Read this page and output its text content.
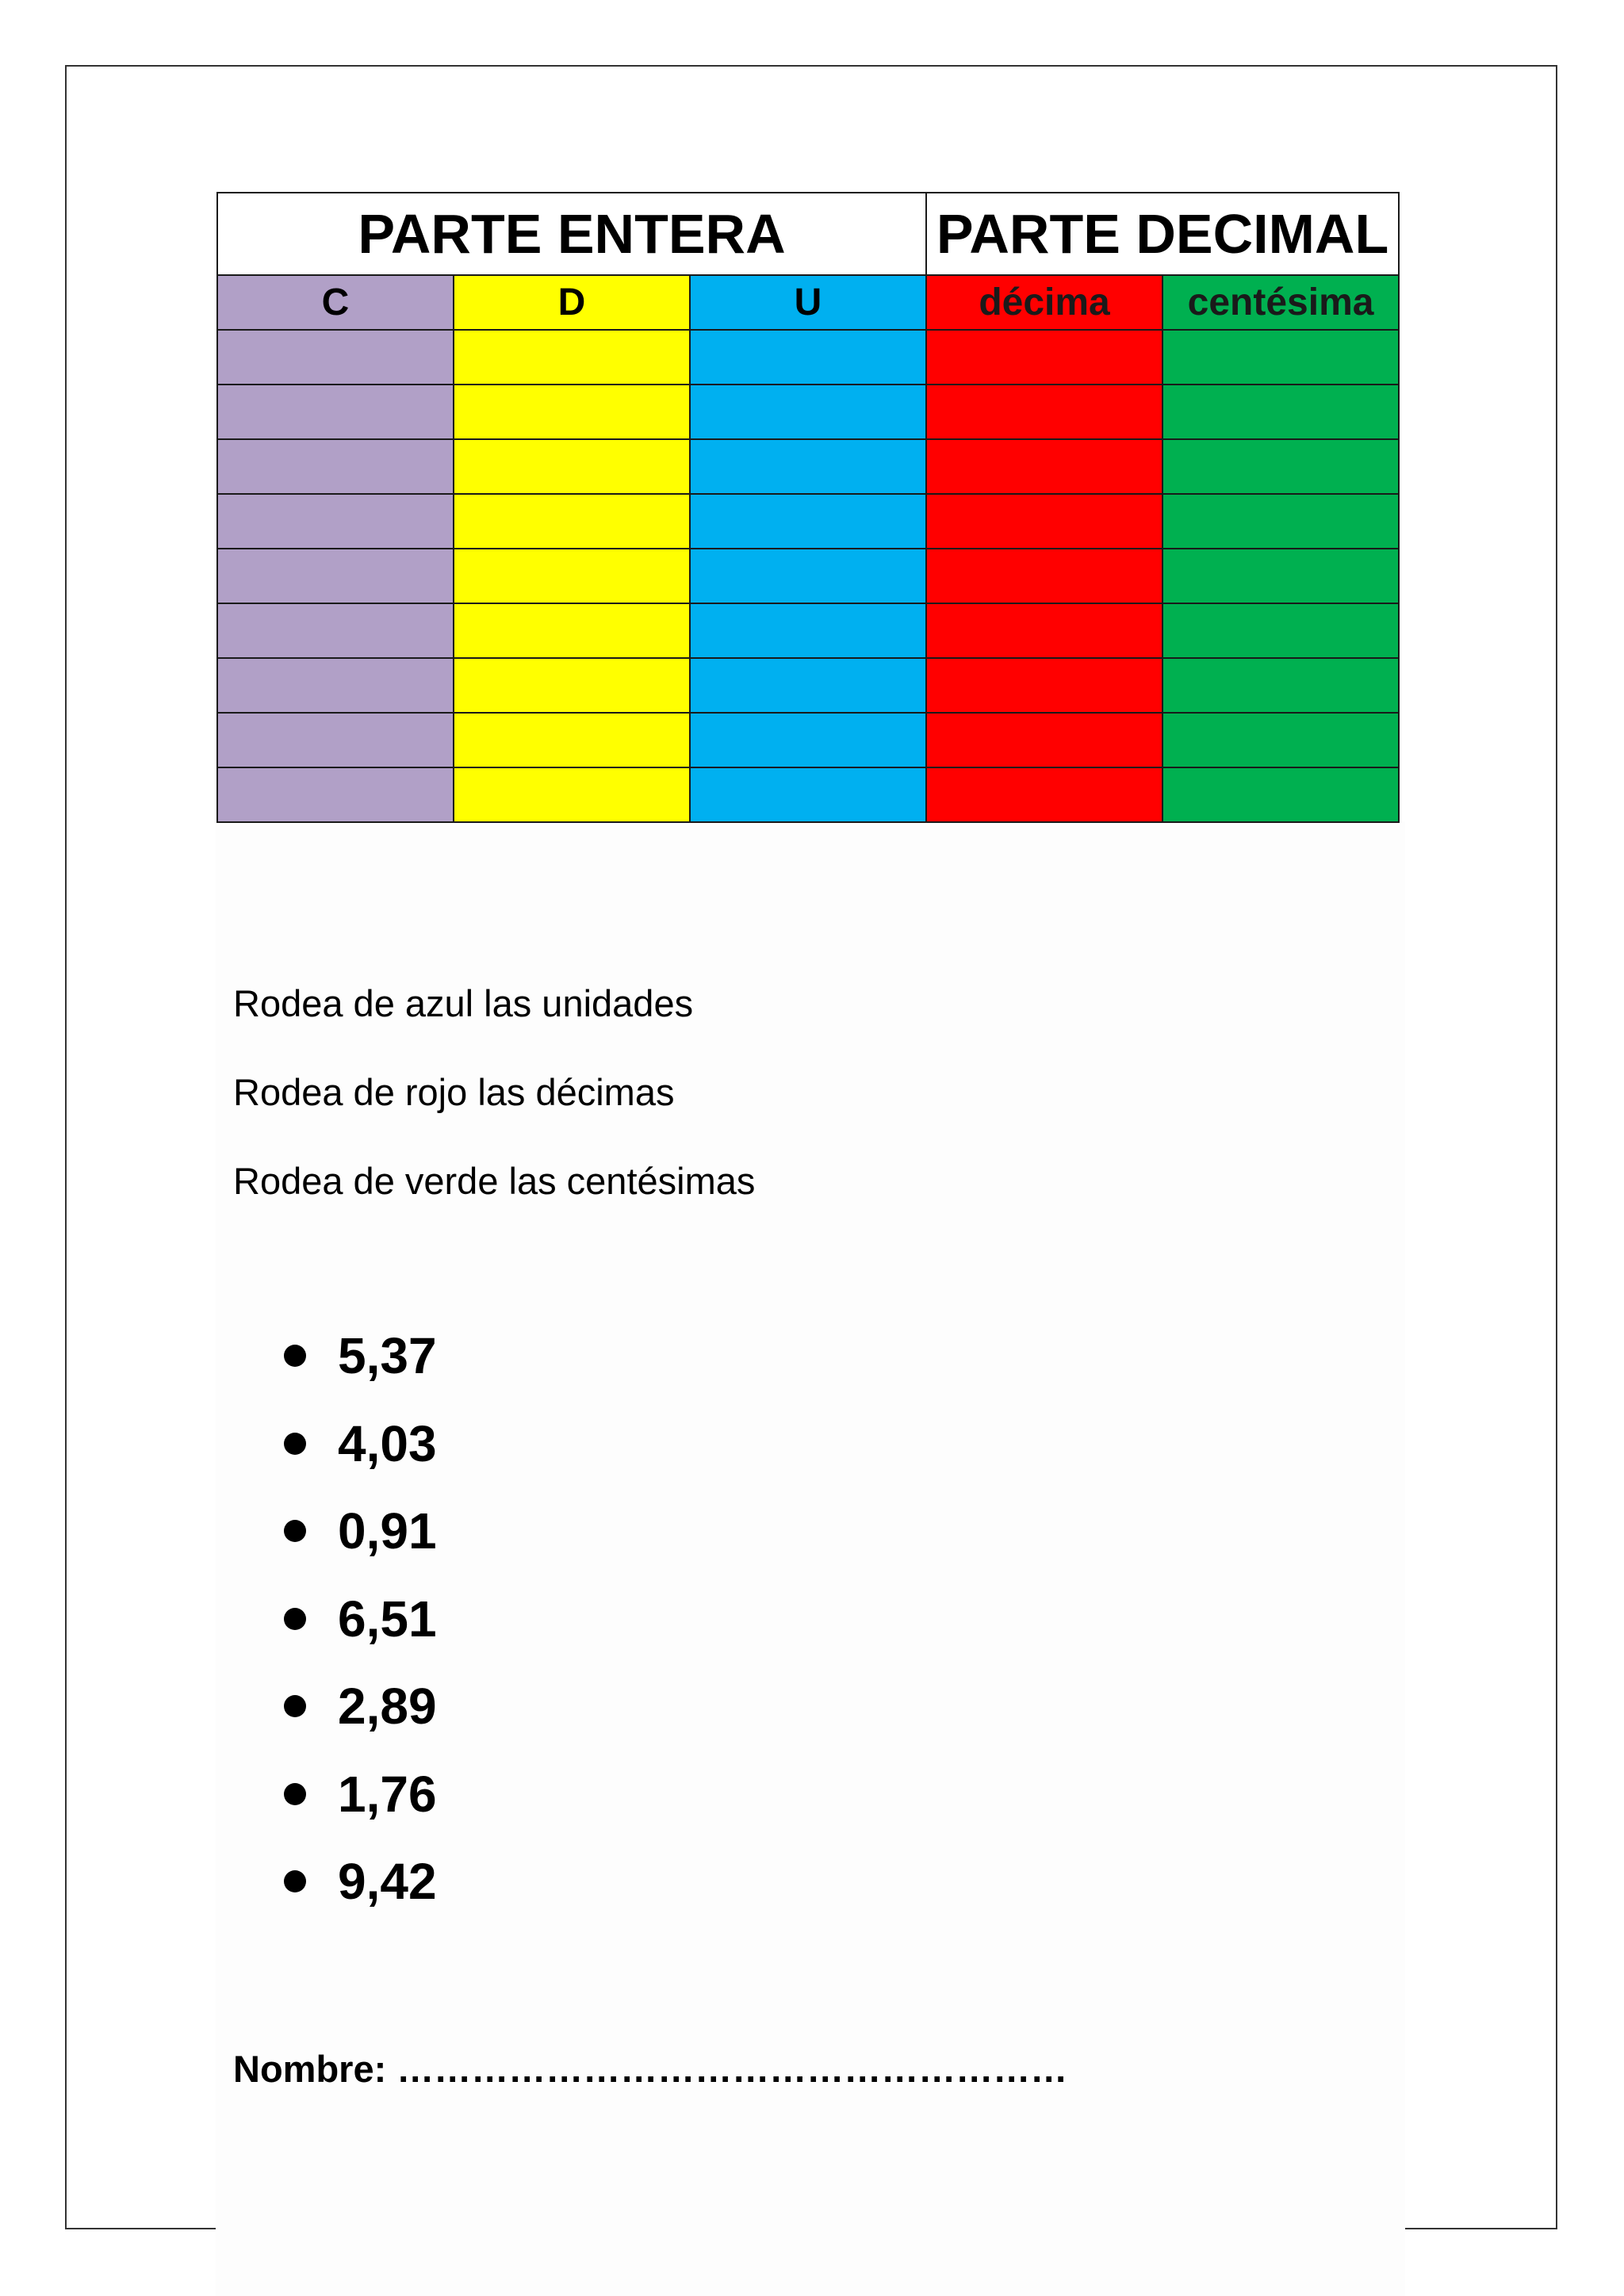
PARTE ENTERA			PARTE DECIMAL	
C	D	U	décima	centésima

Rodea de azul las unidades
Rodea de rojo las décimas
Rodea de verde las centésimas
5,37
4,03
0,91
6,51
2,89
1,76
9,42
Nombre: ………………………………………………
